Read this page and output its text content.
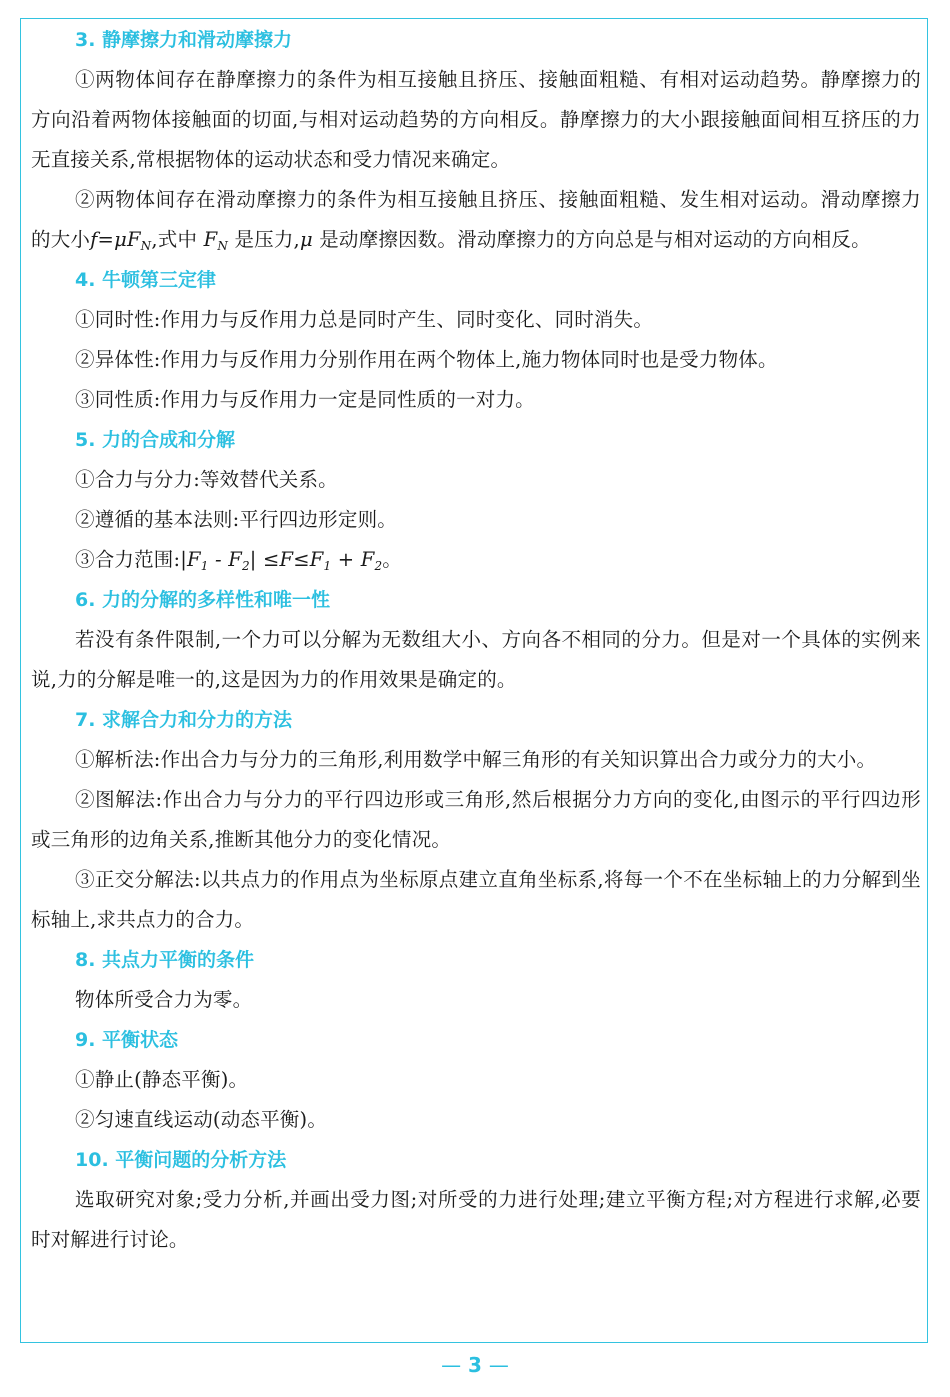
3. 静摩擦力和滑动摩擦力
①两物体间存在静摩擦力的条件为相互接触且挤压、接触面粗糙、有相对运动趋势。静摩擦力的方向沿着两物体接触面的切面,与相对运动趋势的方向相反。静摩擦力的大小跟接触面间相互挤压的力无直接关系,常根据物体的运动状态和受力情况来确定。
②两物体间存在滑动摩擦力的条件为相互接触且挤压、接触面粗糙、发生相对运动。滑动摩擦力的大小$f=\mu F_N$,式中 $F_N$ 是压力,μ 是动摩擦因数。滑动摩擦力的方向总是与相对运动的方向相反。
4. 牛顿第三定律
①同时性:作用力与反作用力总是同时产生、同时变化、同时消失。
②异体性:作用力与反作用力分别作用在两个物体上,施力物体同时也是受力物体。
③同性质:作用力与反作用力一定是同性质的一对力。
5. 力的合成和分解
①合力与分力:等效替代关系。
②遵循的基本法则:平行四边形定则。
③合力范围$:|F_1 - F_2| \le F\le F_1 + F_2$。
6. 力的分解的多样性和唯一性
若没有条件限制,一个力可以分解为无数组大小、方向各不相同的分力。但是对一个具体的实例来说,力的分解是唯一的,这是因为力的作用效果是确定的。
7. 求解合力和分力的方法
①解析法:作出合力与分力的三角形,利用数学中解三角形的有关知识算出合力或分力的大小。
②图解法:作出合力与分力的平行四边形或三角形,然后根据分力方向的变化,由图示的平行四边形或三角形的边角关系,推断其他分力的变化情况。
③正交分解法:以共点力的作用点为坐标原点建立直角坐标系,将每一个不在坐标轴上的力分解到坐标轴上,求共点力的合力。
8. 共点力平衡的条件
物体所受合力为零。
9. 平衡状态
①静止(静态平衡)。
②匀速直线运动(动态平衡)。
10. 平衡问题的分析方法
选取研究对象;受力分析,并画出受力图;对所受的力进行处理;建立平衡方程;对方程进行求解,必要时对解进行讨论。
— 3 —
